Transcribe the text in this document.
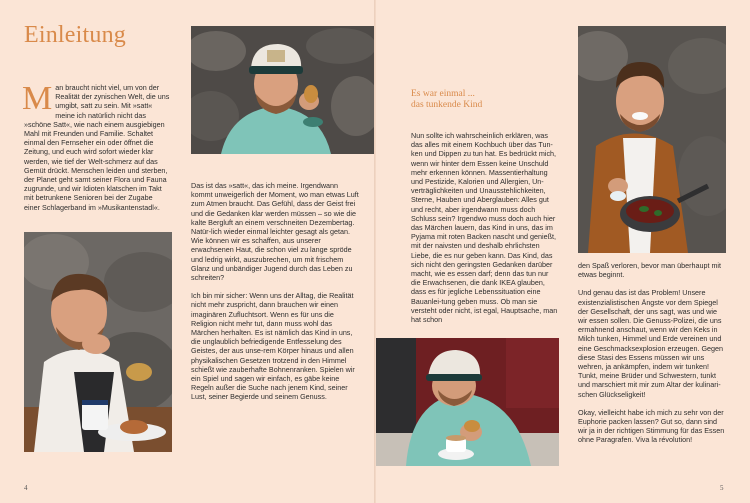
Einleitung

Man braucht nicht viel, um von der Realität der zynischen Welt, die uns umgibt, satt zu sein. Mit »satt« meine ich natürlich nicht das »schöne Satt«, wie nach einem ausgiebigen Mahl mit Freunden und Familie. Schaltet einmal den Fernseher ein oder öffnet die Zeitung, und euch wird sofort wieder klar werden, wie tief der Welt-schmerz auf das Gemüt drückt. Menschen leiden und sterben, der Planet geht samt seiner Flora und Fauna zugrunde, und wir Idioten klatschen im Takt mit betrunkene Senioren bei der Zugabe einer Schlagerband im »Musikantenstadl«.

Das ist das »satt«, das ich meine. Irgendwann kommt unweigerlich der Moment, wo man etwas Luft zum Atmen braucht. Das Gefühl, dass der Geist frei und die Gedanken klar werden müssen – so wie die kalte Bergluft an einem verschneiten Dezembertag. Natür-lich wieder einmal leichter gesagt als getan. Wie können wir es schaffen, aus unserer erwachsenen Haut, die schon viel zu lange spröde und ledrig wirkt, auszubrechen, um mit frischem Glanz und unbändiger Jugend durch das Leben zu schreiten?

Ich bin mir sicher: Wenn uns der Alltag, die Realität nicht mehr zuspricht, dann brauchen wir einen imaginären Zufluchtsort. Wenn es für uns die Religion nicht mehr tut, dann muss wohl das Märchen herhalten. Es ist nämlich das Kind in uns, die unglaublich befriedigende Entfesselung des Geistes, der aus unse-rem Körper hinaus und allen physikalischen Gesetzen trotzend in den Himmel schießt wie zauberhafte Bohnenranken. Spielen wir ein Spiel und sagen wir einfach, es gäbe keine Regeln außer die Suche nach jenem Kind, seiner Lust, seiner Begierde und seinem Genuss.

4
Es war einmal ...
das tunkende Kind

Nun sollte ich wahrscheinlich erklären, was das alles mit einem Kochbuch über das Tun-ken und Dippen zu tun hat. Es bedrückt mich, wenn wir hinter dem Essen keine Unschuld mehr erkennen können. Massentierhaltung und Pestizide, Kalorien und Allergien, Un-verträglichkeiten und Unausstehlichkeiten, Sterne, Hauben und Aberglauben: Alles gut und recht, aber irgendwann muss doch Schluss sein? Irgendwo muss doch auch hier das Märchen lauern, das Kind in uns, das im Pyjama mit roten Backen nascht und genießt, mit der naivsten und deshalb ehrlichsten Liebe, die es nur geben kann. Das Kind, das sich nicht den geringsten Gedanken darüber macht, wie es essen darf; denn das tun nur die Erwachsenen, die dank IKEA glauben, dass es für jegliche Lebenssituation eine Bauanlei-tung geben muss. Ob man sie versteht oder nicht, ist egal, Hauptsache, man hat schon

den Spaß verloren, bevor man überhaupt mit etwas beginnt.

Und genau das ist das Problem! Unsere existenzialistischen Ängste vor dem Spiegel der Gesellschaft, der uns sagt, was und wie wir essen sollen. Die Genuss-Polizei, die uns ermahnend anschaut, wenn wir den Keks in Milch tunken, Himmel und Erde vereinen und eine Geschmacksexplosion erzeugen. Gegen diese Stasi des Essens müssen wir uns wehren, ja ankämpfen, indem wir tunken! Tunkt, meine Brüder und Schwestern, tunkt und marschiert mit mir zum Altar der kulinari-schen Glückseligkeit!

Okay, vielleicht habe ich mich zu sehr von der Euphorie packen lassen? Gut so, dann sind wir ja in der richtigen Stimmung für das Essen ohne Paragrafen. Viva la révolution!

5
